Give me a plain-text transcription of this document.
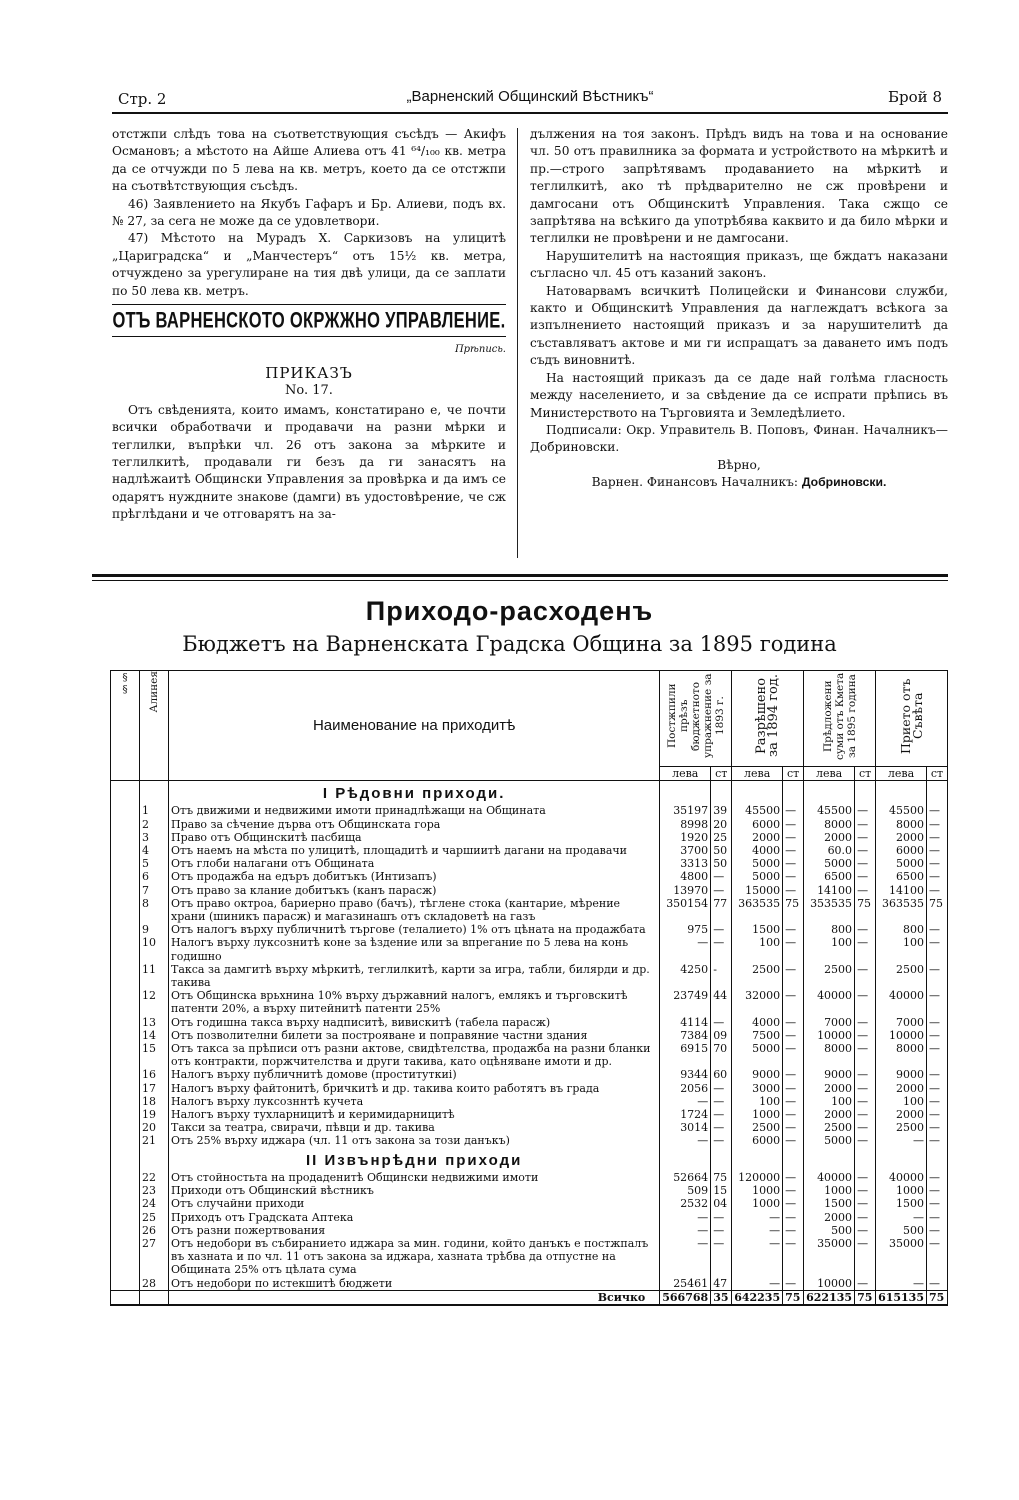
Стр. 2	„Варненский Общинский Вѣстникъ“	Брой 8

отстжпи слѣдъ това на съответствующия съсѣдъ — Акифъ Османовъ; а мѣстото на Айше Алиева отъ 41 ⁶⁴/₁₀₀ кв. метра да се отчужди по 5 лева на кв. метръ, което да се отстжпи на съотвѣтствующия съсѣдъ.

46) Заявлението на Якубъ Гафаръ и Бр. Алиеви, подъ вх. № 27, за сега не може да се удовлетвори.

47) Мѣстото на Мурадъ Х. Саркизовъ на улицитѣ „Цариградска“ и „Манчестеръ“ отъ 15½ кв. метра, отчуждено за урегулиране на тия двѣ улици, да се заплати по 50 лева кв. метръ.

ОТЪ ВАРНЕНСКОТО ОКРЖЖНО УПРАВЛЕНИЕ.
Прѣпись.
ПРИКАЗЪ
No. 17.

Отъ свѣденията, които имамъ, констатирано е, че почти всички обработвачи и продавачи на разни мѣрки и теглилки, въпрѣки чл. 26 отъ закона за мѣрките и теглилкитѣ, продавали ги безъ да ги занасятъ на надлѣжаитѣ Общински Управления за провѣрка и да имъ се одарятъ нуждните знакове (дамги) въ удостовѣрение, че сж прѣглѣдани и че отговарятъ на за-

дължения на тоя законъ. Прѣдъ видъ на това и на основание чл. 50 отъ правилника за формата и устройството на мѣркитѣ и пр.—строго запрѣтявамъ продаванието на мѣркитѣ и теглилкитѣ, ако тѣ прѣдварително не сж провѣрени и дамгосани отъ Общинскитѣ Управления. Така сжщо се запрѣтява на всѣкиго да употрѣбява каквито и да било мѣрки и теглилки не провѣрени и не дамгосани.

Нарушителитѣ на настоящия приказъ, ще бждатъ наказани съгласно чл. 45 отъ казаний законъ.

Натоварвамъ всичкитѣ Полицейски и Финансови служби, както и Общинскитѣ Управления да наглеждатъ всѣкога за изпълнението настоящий приказъ и за нарушителитѣ да съставляватъ актове и ми ги испращатъ за даването имъ подъ съдъ виновнитѣ.

На настоящий приказъ да се даде най голѣма гласность между населението, и за свѣдение да се испрати прѣпись въ Министерството на Търговията и Земледѣлието.

Подписали: Окр. Управитель В. Поповъ, Финан. Началникъ—Добриновски.

Вѣрно,
Варнен. Финансовъ Началникъ: Добриновски.
Приходо-расходенъ
Бюджетъ на Варненската Градска Община за 1895 година
§§	Алинея	Наименование на приходитѣ	Постжпили прѣзъ бюджетното упражнение за 1893 г.		Разрѣшено за 1894 год.		Прѣдложени суми отъ Кмета за 1895 година		Приетo отъ Съвѣта	

			лева	ст	лева	ст	лева	ст	лева	ст
		I Рѣдовни приходи.								
	1	Отъ движими и недвижими имоти принадлѣжащи на Общината	35197	39	45500	—	45500	—	45500	—
	2	Право за сѣчение дърва отъ Общинската гора	8998	20	6000	—	8000	—	8000	—
	3	Право отъ Общинскитѣ пасбища	1920	25	2000	—	2000	—	2000	—
	4	Отъ наемъ на мѣста по улицитѣ, площадитѣ и чаршиитѣ дагани на продавачи	3700	50	4000	—	60.0	—	6000	—
	5	Отъ глоби налагани отъ Общината	3313	50	5000	—	5000	—	5000	—
	6	Отъ продажба на едъръ добитъкъ (Интизапъ)	4800	—	5000	—	6500	—	6500	—
	7	Отъ право за клание добитъкъ (канъ парасж)	13970	—	15000	—	14100	—	14100	—
	8	Отъ право октроа, бариерно право (бачъ), тѣглене стока (кантарие, мѣрение храни (шиникъ парасж) и магазинашъ отъ складоветѣ на газъ	350154	77	363535	75	353535	75	363535	75
	9	Отъ налогъ върху публичнитѣ търгове (телалието) 1% отъ цѣната на продажбата	975	—	1500	—	800	—	800	—
	10	Налогъ върху луксознитѣ коне за ѣздение или за впрегание по 5 лева на конь годишно	—	—	100	—	100	—	100	—
	11	Такса за дамгитѣ върху мѣркитѣ, теглилкитѣ, карти за игра, табли, билярди и др. такива	4250	-	2500	—	2500	—	2500	—
	12	Отъ Общинска врьхнина 10% върху държавний налогъ, емлякъ и търговскитѣ патенти 20%, а върху питейнитѣ патенти 25%	23749	44	32000	—	40000	—	40000	—
	13	Отъ годишна такса върху надписитѣ, вивискитѣ (табела парасж)	4114	—	4000	—	7000	—	7000	—
	14	Отъ позволителни билети за построяване и поправяние частни здания	7384	09	7500	—	10000	—	10000	—
	15	Отъ такса за прѣписи отъ разни актове, свидѣтелства, продажба на разни бланки отъ контракти, поржчителства и други такива, като оцѣняване имоти и др.	6915	70	5000	—	8000	—	8000	—
	16	Налогъ върху публичнитѣ домове (проституткиі)	9344	60	9000	—	9000	—	9000	—
	17	Налогъ върху файтонитѣ, бричкитѣ и др. такива които работятъ въ града	2056	—	3000	—	2000	—	2000	—
	18	Налогъ върху луксозннтѣ кучета	—	—	100	—	100	—	100	—
	19	Налогъ върху тухларницитѣ и керимидарницитѣ	1724	—	1000	—	2000	—	2000	—
	20	Такси за театра, свирачи, пѣвци и др. такива	3014	—	2500	—	2500	—	2500	—
	21	Отъ 25% върху иджара (чл. 11 отъ закона за този данъкъ)	—	—	6000	—	5000	—	—	—
		II Извънрѣдни приходи								
	22	Отъ стойностьта на продаденитѣ Общински недвижими имоти	52664	75	120000	—	40000	—	40000	—
	23	Приходи отъ Общинский вѣстникъ	509	15	1000	—	1000	—	1000	—
	24	Отъ случайни приходи	2532	04	1000	—	1500	—	1500	—
	25	Приходъ отъ Градската Аптека	—	—	—	—	2000	—	—	—
	26	Отъ разни пожертвования	—	—	—	—	500	—	500	—
	27	Отъ недобори въ събиранието иджара за мин. години, който данъкъ е постжпалъ въ хазната и по чл. 11 отъ закона за иджара, хазната трѣбва да отпустне на Общината 25% отъ цѣлата сума	—	—	—	—	35000	—	35000	—
	28	Отъ недобори по истекшитѣ бюджети	25461	47	—	—	10000	—	—	—
		Всичко	566768	35	642235	75	622135	75	615135	75
